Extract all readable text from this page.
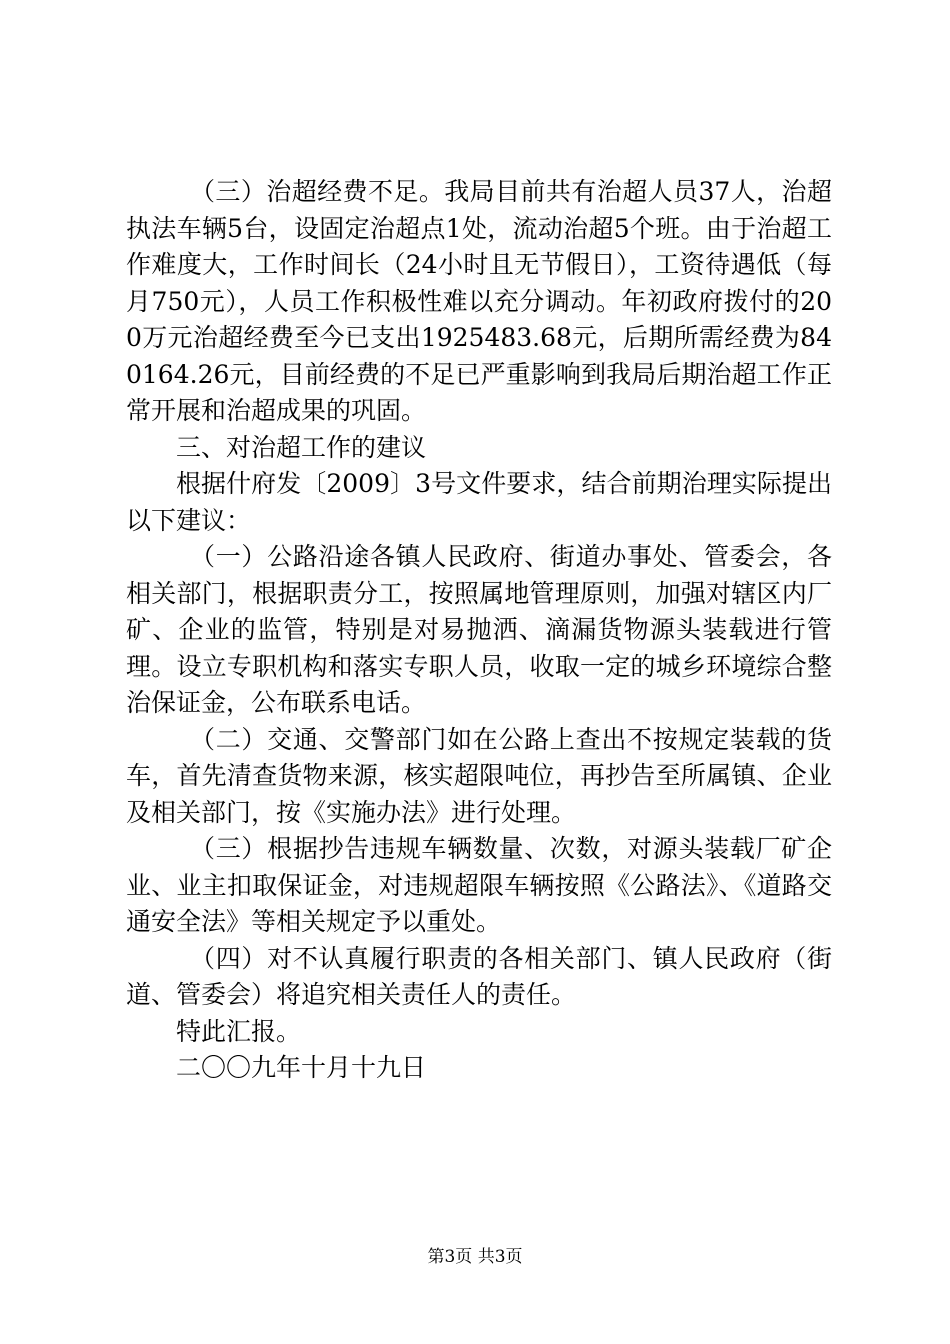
（三）治超经费不足。我局目前共有治超人员37人，治超执法车辆5台，设固定治超点1处，流动治超5个班。由于治超工作难度大，工作时间长（24小时且无节假日），工资待遇低（每月750元），人员工作积极性难以充分调动。年初政府拨付的200万元治超经费至今已支出1925483.68元，后期所需经费为840164.26元，目前经费的不足已严重影响到我局后期治超工作正常开展和治超成果的巩固。

三、对治超工作的建议

根据什府发〔2009〕3号文件要求，结合前期治理实际提出以下建议：

（一）公路沿途各镇人民政府、街道办事处、管委会，各相关部门，根据职责分工，按照属地管理原则，加强对辖区内厂矿、企业的监管，特别是对易抛洒、滴漏货物源头装载进行管理。设立专职机构和落实专职人员，收取一定的城乡环境综合整治保证金，公布联系电话。

（二）交通、交警部门如在公路上查出不按规定装载的货车，首先清查货物来源，核实超限吨位，再抄告至所属镇、企业及相关部门，按《实施办法》进行处理。

（三）根据抄告违规车辆数量、次数，对源头装载厂矿企业、业主扣取保证金，对违规超限车辆按照《公路法》、《道路交通安全法》等相关规定予以重处。

（四）对不认真履行职责的各相关部门、镇人民政府（街道、管委会）将追究相关责任人的责任。

特此汇报。

二〇〇九年十月十九日

第3页 共3页
